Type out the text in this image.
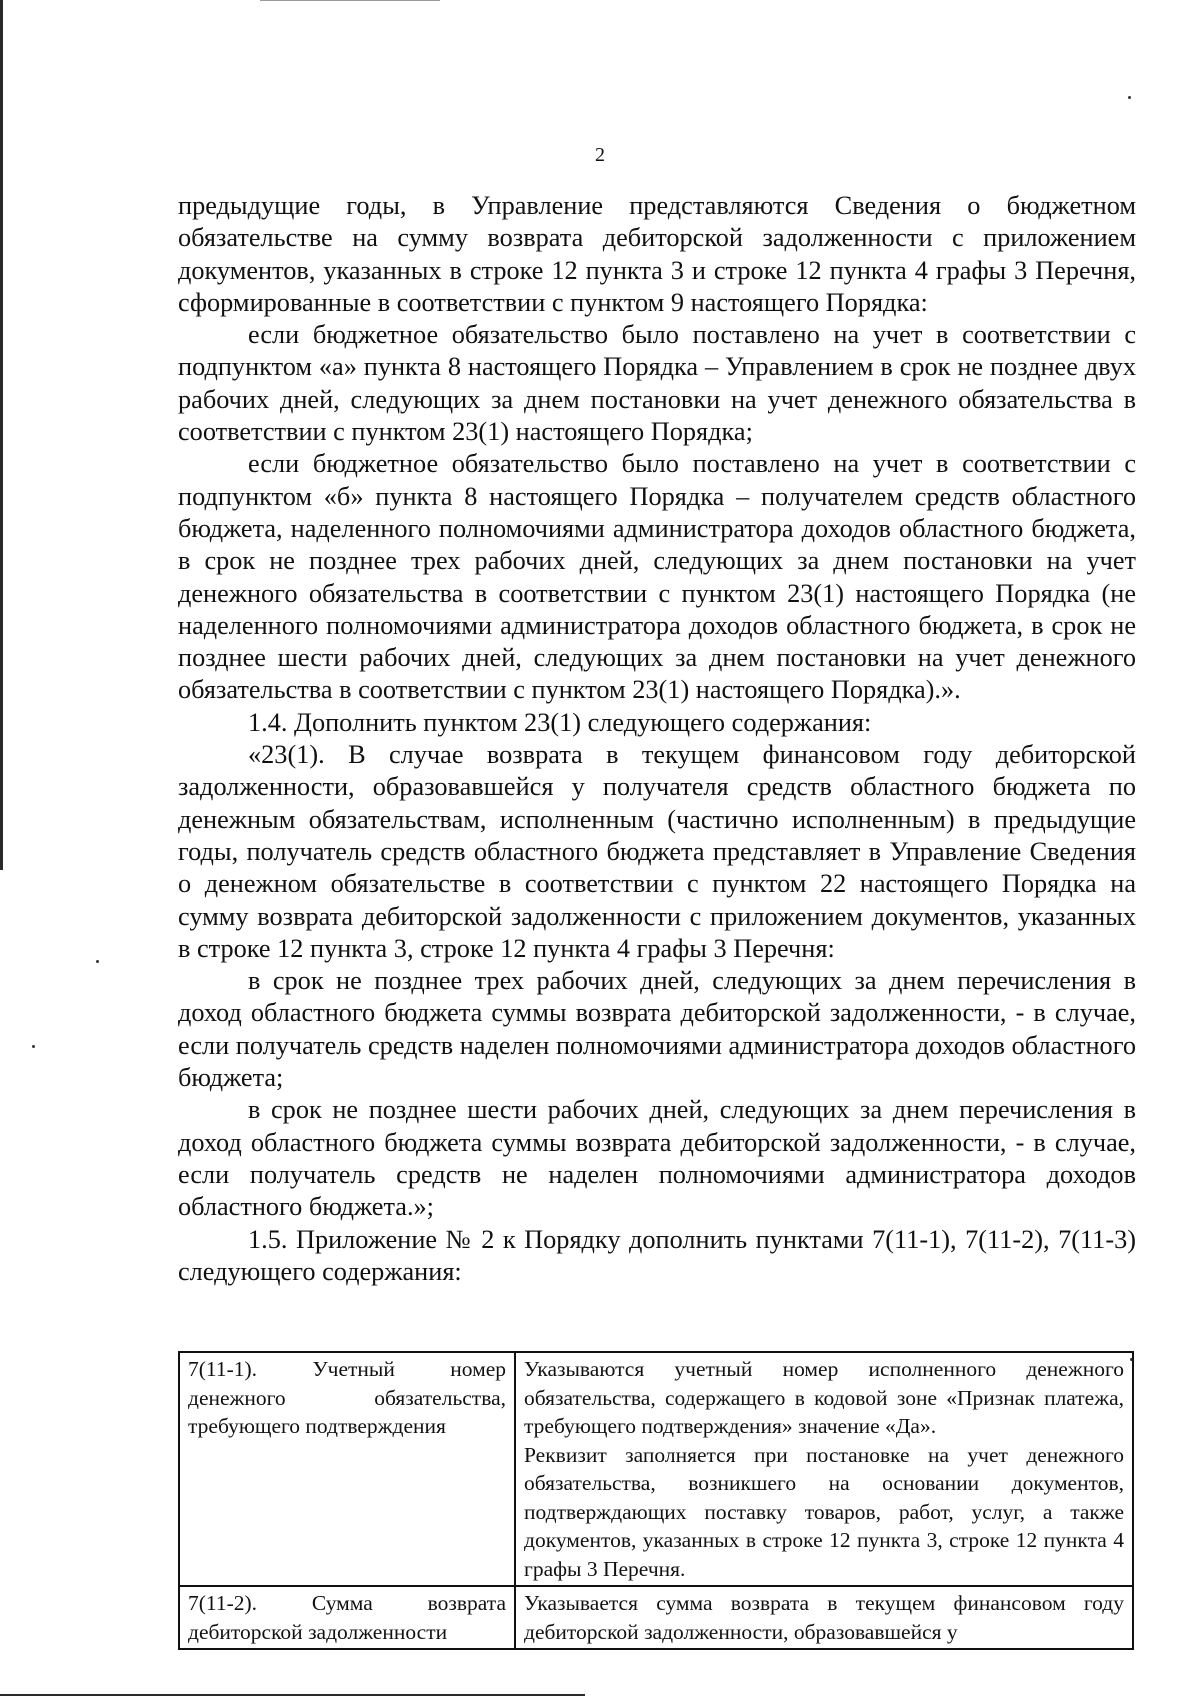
2

предыдущие годы, в Управление представляются Сведения о бюджетном обязательстве на сумму возврата дебиторской задолженности с приложением документов, указанных в строке 12 пункта 3 и строке 12 пункта 4 графы 3 Перечня, сформированные в соответствии с пунктом 9 настоящего Порядка:

если бюджетное обязательство было поставлено на учет в соответствии с подпунктом «а» пункта 8 настоящего Порядка – Управлением в срок не позднее двух рабочих дней, следующих за днем постановки на учет денежного обязательства в соответствии с пунктом 23(1) настоящего Порядка;

если бюджетное обязательство было поставлено на учет в соответствии с подпунктом «б» пункта 8 настоящего Порядка – получателем средств областного бюджета, наделенного полномочиями администратора доходов областного бюджета, в срок не позднее трех рабочих дней, следующих за днем постановки на учет денежного обязательства в соответствии с пунктом 23(1) настоящего Порядка (не наделенного полномочиями администратора доходов областного бюджета, в срок не позднее шести рабочих дней, следующих за днем постановки на учет денежного обязательства в соответствии с пунктом 23(1) настоящего Порядка).».

1.4. Дополнить пунктом 23(1) следующего содержания:

«23(1). В случае возврата в текущем финансовом году дебиторской задолженности, образовавшейся у получателя средств областного бюджета по денежным обязательствам, исполненным (частично исполненным) в предыдущие годы, получатель средств областного бюджета представляет в Управление Сведения о денежном обязательстве в соответствии с пунктом 22 настоящего Порядка на сумму возврата дебиторской задолженности с приложением документов, указанных в строке 12 пункта 3, строке 12 пункта 4 графы 3 Перечня:

в срок не позднее трех рабочих дней, следующих за днем перечисления в доход областного бюджета суммы возврата дебиторской задолженности, - в случае, если получатель средств наделен полномочиями администратора доходов областного бюджета;

в срок не позднее шести рабочих дней, следующих за днем перечисления в доход областного бюджета суммы возврата дебиторской задолженности, - в случае, если получатель средств не наделен полномочиями администратора доходов областного бюджета.»;

1.5. Приложение № 2 к Порядку дополнить пунктами 7(11-1), 7(11-2), 7(11-3) следующего содержания:

7(11-1). Учетный номер денежного обязательства, требующего подтверждения	Указываются учетный номер исполненного денежного обязательства, содержащего в кодовой зоне «Признак платежа, требующего подтверждения» значение «Да».

Реквизит заполняется при постановке на учет денежного обязательства, возникшего на основании документов, подтверждающих поставку товаров, работ, услуг, а также документов, указанных в строке 12 пункта 3, строке 12 пункта 4 графы 3 Перечня.

7(11-2). Сумма возврата дебиторской задолженности	Указывается сумма возврата в текущем финансовом году дебиторской задолженности, образовавшейся у
